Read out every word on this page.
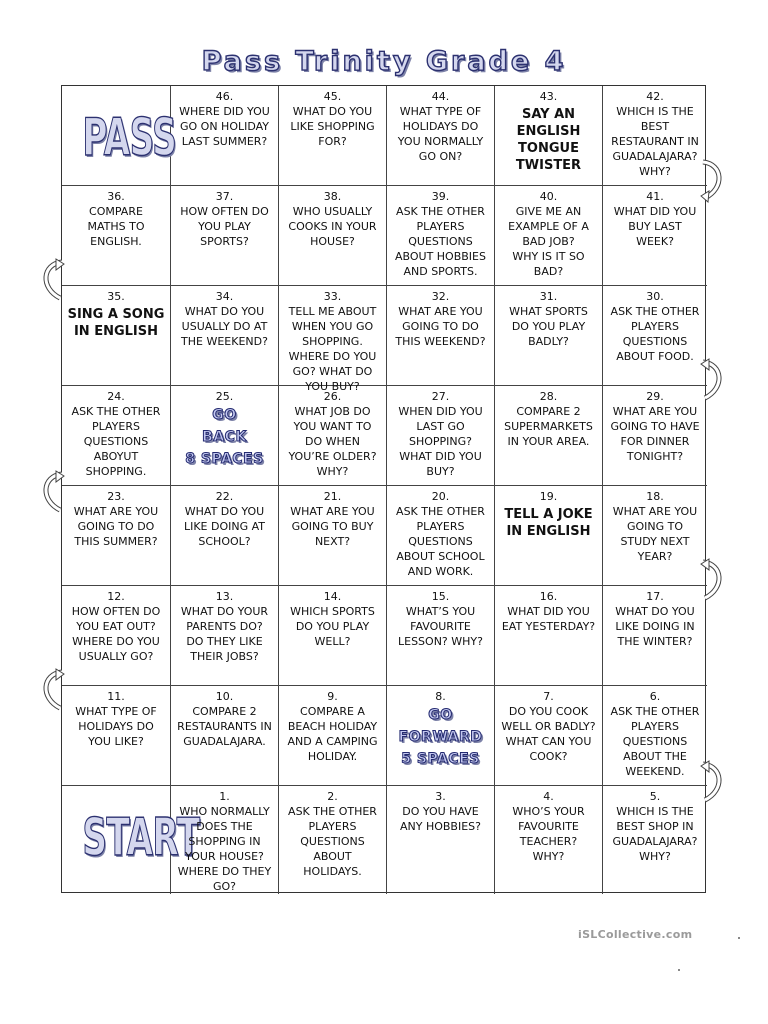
Pass Trinity Grade 4
PASS
46.
WHERE DID YOU
GO ON HOLIDAY
LAST SUMMER?
45.
WHAT DO YOU
LIKE SHOPPING
FOR?
44.
WHAT TYPE OF
HOLIDAYS DO
YOU NORMALLY
GO ON?
43.
SAY AN
ENGLISH
TONGUE
TWISTER
42.
WHICH IS THE
BEST
RESTAURANT IN
GUADALAJARA?
WHY?
36.
COMPARE
MATHS TO
ENGLISH.
37.
HOW OFTEN DO
YOU PLAY
SPORTS?
38.
WHO USUALLY
COOKS IN YOUR
HOUSE?
39.
ASK THE OTHER
PLAYERS
QUESTIONS
ABOUT HOBBIES
AND SPORTS.
40.
GIVE ME AN
EXAMPLE OF A
BAD JOB?
WHY IS IT SO
BAD?
41.
WHAT DID YOU
BUY LAST
WEEK?
35.
SING A SONG
IN ENGLISH
34.
WHAT DO YOU
USUALLY DO AT
THE WEEKEND?
33.
TELL ME ABOUT
WHEN YOU GO
SHOPPING.
WHERE DO YOU
GO? WHAT DO
YOU BUY?
32.
WHAT ARE YOU
GOING TO DO
THIS WEEKEND?
31.
WHAT SPORTS
DO YOU PLAY
BADLY?
30.
ASK THE OTHER
PLAYERS
QUESTIONS
ABOUT FOOD.
24.
ASK THE OTHER
PLAYERS
QUESTIONS
ABOYUT
SHOPPING.
25.
GO
BACK
8 SPACES
26.
WHAT JOB DO
YOU WANT TO
DO WHEN
YOU’RE OLDER?
WHY?
27.
WHEN DID YOU
LAST GO
SHOPPING?
WHAT DID YOU
BUY?
28.
COMPARE 2
SUPERMARKETS
IN YOUR AREA.
29.
WHAT ARE YOU
GOING TO HAVE
FOR DINNER
TONIGHT?
23.
WHAT ARE YOU
GOING TO DO
THIS SUMMER?
22.
WHAT DO YOU
LIKE DOING AT
SCHOOL?
21.
WHAT ARE YOU
GOING TO BUY
NEXT?
20.
ASK THE OTHER
PLAYERS
QUESTIONS
ABOUT SCHOOL
AND WORK.
19.
TELL A JOKE
IN ENGLISH
18.
WHAT ARE YOU
GOING TO
STUDY NEXT
YEAR?
12.
HOW OFTEN DO
YOU EAT OUT?
WHERE DO YOU
USUALLY GO?
13.
WHAT DO YOUR
PARENTS DO?
DO THEY LIKE
THEIR JOBS?
14.
WHICH SPORTS
DO YOU PLAY
WELL?
15.
WHAT’S YOU
FAVOURITE
LESSON? WHY?
16.
WHAT DID YOU
EAT YESTERDAY?
17.
WHAT DO YOU
LIKE DOING IN
THE WINTER?
11.
WHAT TYPE OF
HOLIDAYS DO
YOU LIKE?
10.
COMPARE 2
RESTAURANTS IN
GUADALAJARA.
9.
COMPARE A
BEACH HOLIDAY
AND A CAMPING
HOLIDAY.
8.
GO
FORWARD
5 SPACES
7.
DO YOU COOK
WELL OR BADLY?
WHAT CAN YOU
COOK?
6.
ASK THE OTHER
PLAYERS
QUESTIONS
ABOUT THE
WEEKEND.
START
1.
WHO NORMALLY
DOES THE
SHOPPING IN
YOUR HOUSE?
WHERE DO THEY
GO?
2.
ASK THE OTHER
PLAYERS
QUESTIONS
ABOUT
HOLIDAYS.
3.
DO YOU HAVE
ANY HOBBIES?
4.
WHO’S YOUR
FAVOURITE
TEACHER?
WHY?
5.
WHICH IS THE
BEST SHOP IN
GUADALAJARA?
WHY?
iSLCollective.com
